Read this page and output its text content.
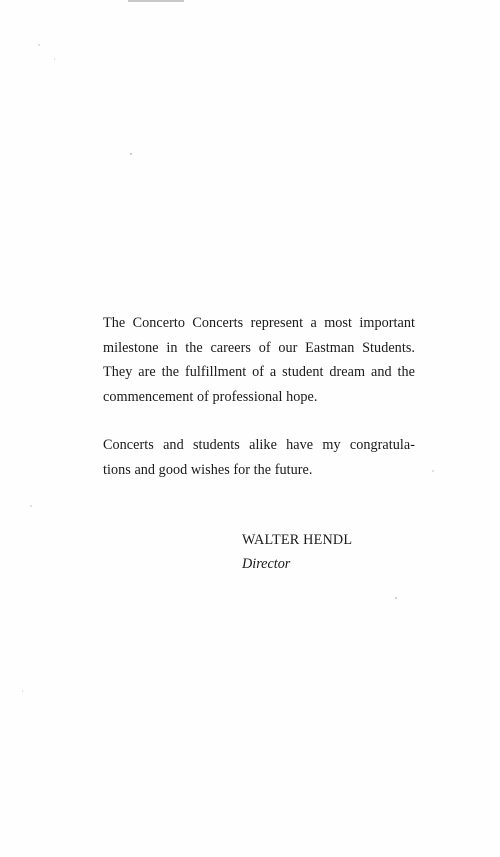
The Concerto Concerts represent a most important
milestone in the careers of our Eastman Students.
They are the fulfillment of a student dream and the
commencement of professional hope.

Concerts and students alike have my congratula-
tions and good wishes for the future.

WALTER HENDL
Director
